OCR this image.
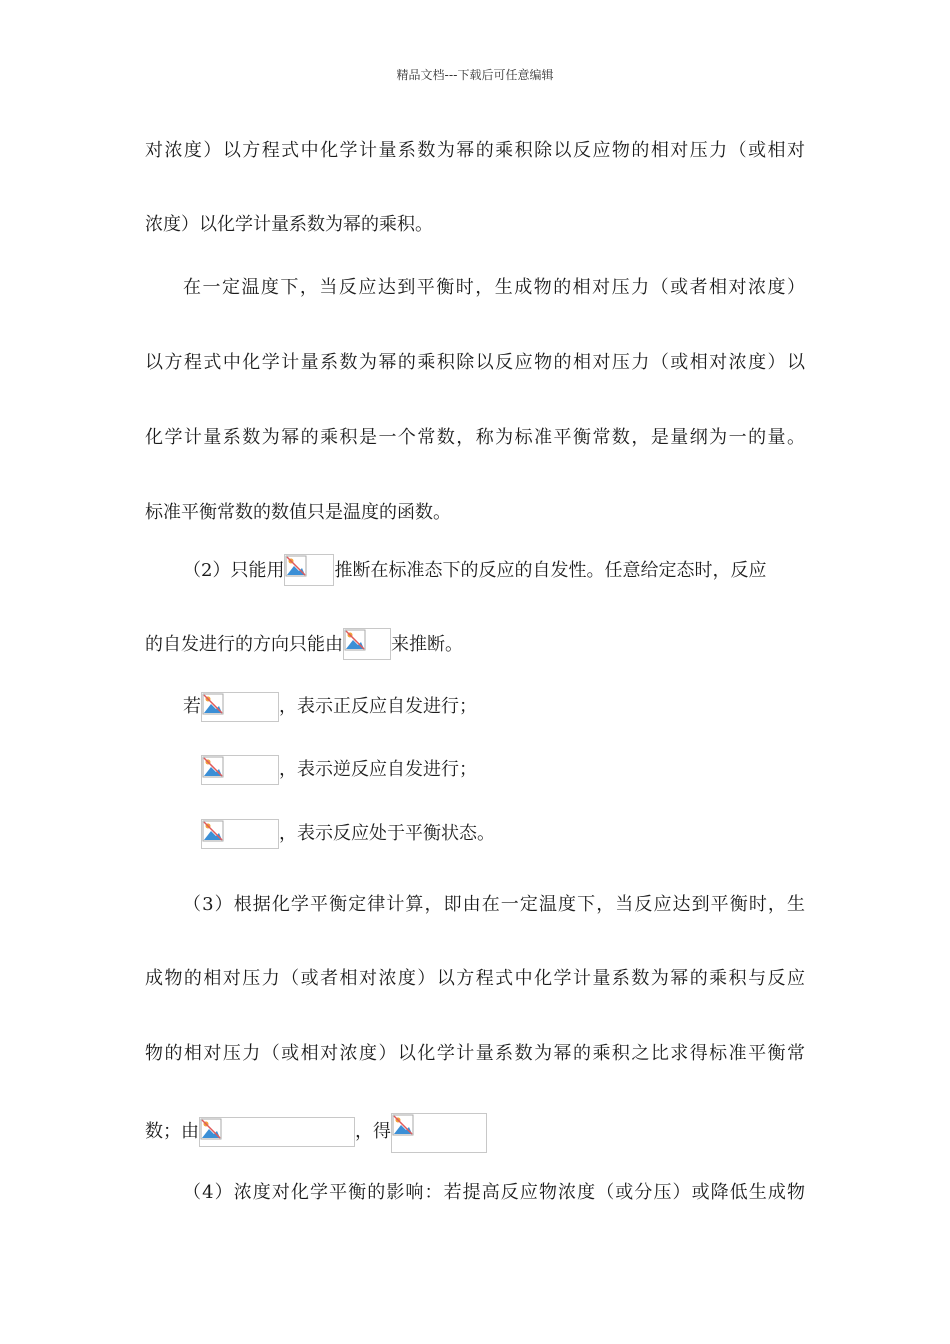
精品文档---下载后可任意编辑
对浓度）以方程式中化学计量系数为幂的乘积除以反应物的相对压力（或相对
浓度）以化学计量系数为幂的乘积。
在一定温度下，当反应达到平衡时，生成物的相对压力（或者相对浓度）
以方程式中化学计量系数为幂的乘积除以反应物的相对压力（或相对浓度）以
化学计量系数为幂的乘积是一个常数，称为标准平衡常数，是量纲为一的量。
标准平衡常数的数值只是温度的函数。
（2）只能用	推断在标准态下的反应的自发性。任意给定态时，反应
的自发进行的方向只能由	来推断。
若	，表示正反应自发进行；
，表示逆反应自发进行；
，表示反应处于平衡状态。
（3）根据化学平衡定律计算，即由在一定温度下，当反应达到平衡时，生
成物的相对压力（或者相对浓度）以方程式中化学计量系数为幂的乘积与反应
物的相对压力（或相对浓度）以化学计量系数为幂的乘积之比求得标准平衡常
数；由	，得
（4）浓度对化学平衡的影响：若提高反应物浓度（或分压）或降低生成物
